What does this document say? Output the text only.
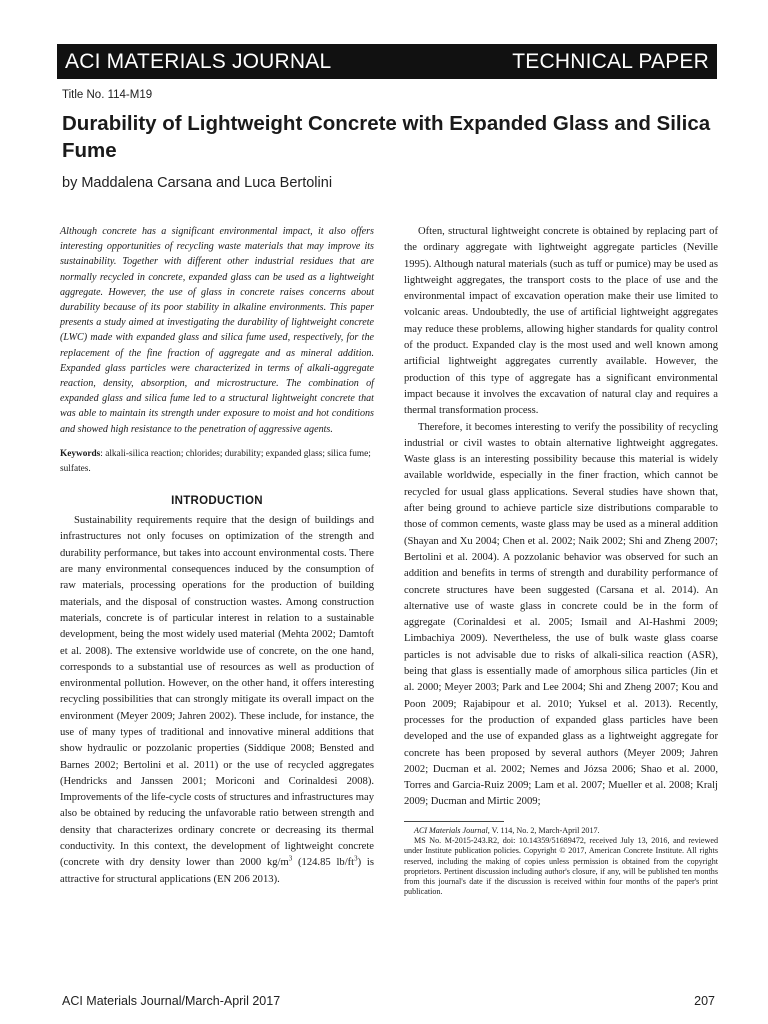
ACI MATERIALS JOURNAL	TECHNICAL PAPER
Title No. 114-M19
Durability of Lightweight Concrete with Expanded Glass and Silica Fume
by Maddalena Carsana and Luca Bertolini

Although concrete has a significant environmental impact, it also offers interesting opportunities of recycling waste materials that may improve its sustainability. Together with different other industrial residues that are normally recycled in concrete, expanded glass can be used as a lightweight aggregate. However, the use of glass in concrete raises concerns about durability because of its poor stability in alkaline environments. This paper presents a study aimed at investigating the durability of lightweight concrete (LWC) made with expanded glass and silica fume used, respectively, for the replacement of the fine fraction of aggregate and as mineral addition. Expanded glass particles were characterized in terms of alkali-aggregate reaction, density, absorption, and microstructure. The combination of expanded glass and silica fume led to a structural lightweight concrete that was able to maintain its strength under exposure to moist and hot conditions and showed high resistance to the penetration of aggressive agents.

Keywords: alkali-silica reaction; chlorides; durability; expanded glass; silica fume; sulfates.

INTRODUCTION

Sustainability requirements require that the design of buildings and infrastructures not only focuses on optimization of the strength and durability performance, but takes into account environmental costs. There are many environmental consequences induced by the consumption of raw materials, processing operations for the production of building materials, and the disposal of construction wastes. Among construction materials, concrete is of particular interest in relation to a sustainable development, being the most widely used material (Mehta 2002; Damtoft et al. 2008). The extensive worldwide use of concrete, on the one hand, corresponds to a substantial use of resources as well as production of environmental pollution. However, on the other hand, it offers interesting recycling possibilities that can strongly mitigate its overall impact on the environment (Meyer 2009; Jahren 2002). These include, for instance, the use of many types of traditional and innovative mineral additions that show hydraulic or pozzolanic properties (Siddique 2008; Bensted and Barnes 2002; Bertolini et al. 2011) or the use of recycled aggregates (Hendricks and Janssen 2001; Moriconi and Corinaldesi 2008). Improvements of the life-cycle costs of structures and infrastructures may also be obtained by reducing the unfavorable ratio between strength and density that characterizes ordinary concrete or decreasing its thermal conductivity. In this context, the development of lightweight concrete (concrete with dry density lower than 2000 $kg/m^3$ (124.85 $lb/ft^3$) is attractive for structural applications (EN 206 2013).

Often, structural lightweight concrete is obtained by replacing part of the ordinary aggregate with lightweight aggregate particles (Neville 1995). Although natural materials (such as tuff or pumice) may be used as lightweight aggregates, the transport costs to the place of use and the environmental impact of excavation operation make their use limited to volcanic areas. Undoubtedly, the use of artificial lightweight aggregates may reduce these problems, allowing higher standards for quality control of the product. Expanded clay is the most used and well known among artificial lightweight aggregates currently available. However, the production of this type of aggregate has a significant environmental impact because it involves the excavation of natural clay and requires a thermal transformation process.

Therefore, it becomes interesting to verify the possibility of recycling industrial or civil wastes to obtain alternative lightweight aggregates. Waste glass is an interesting possibility because this material is widely available worldwide, especially in the finer fraction, which cannot be recycled for usual glass applications. Several studies have shown that, after being ground to achieve particle size distributions comparable to those of common cements, waste glass may be used as a mineral addition (Shayan and Xu 2004; Chen et al. 2002; Naik 2002; Shi and Zheng 2007; Bertolini et al. 2004). A pozzolanic behavior was observed for such an addition and benefits in terms of strength and durability performance of concrete structures have been suggested (Carsana et al. 2014). An alternative use of waste glass in concrete could be in the form of aggregate (Corinaldesi et al. 2005; Ismail and Al-Hashmi 2009; Limbachiya 2009). Nevertheless, the use of bulk waste glass coarse particles is not advisable due to risks of alkali-silica reaction (ASR), being that glass is essentially made of amorphous silica particles (Jin et al. 2000; Meyer 2003; Park and Lee 2004; Shi and Zheng 2007; Kou and Poon 2009; Rajabipour et al. 2010; Yuksel et al. 2013). Recently, processes for the production of expanded glass particles have been developed and the use of expanded glass as a lightweight aggregate for concrete has been proposed by several authors (Meyer 2009; Jahren 2002; Ducman et al. 2002; Nemes and Józsa 2006; Shao et al. 2000, Torres and Garcia-Ruiz 2009; Lam et al. 2007; Mueller et al. 2008; Kralj 2009; Ducman and Mirtic 2009;

ACI Materials Journal, V. 114, No. 2, March-April 2017.

MS No. M-2015-243.R2, doi: 10.14359/51689472, received July 13, 2016, and reviewed under Institute publication policies. Copyright © 2017, American Concrete Institute. All rights reserved, including the making of copies unless permission is obtained from the copyright proprietors. Pertinent discussion including author's closure, if any, will be published ten months from this journal's date if the discussion is received within four months of the paper's print publication.

ACI Materials Journal/March-April 2017	207
